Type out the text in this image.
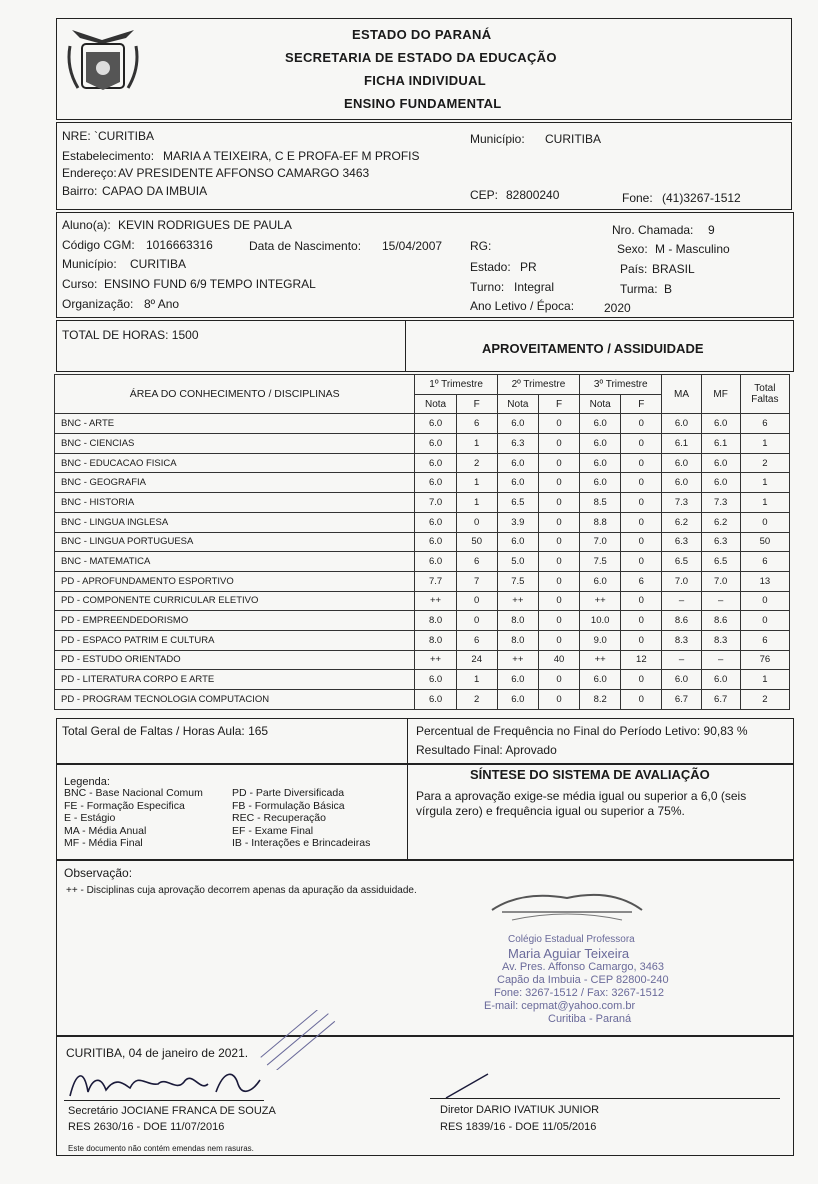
ESTADO DO PARANÁ
SECRETARIA DE ESTADO DA EDUCAÇÃO
FICHA INDIVIDUAL
ENSINO FUNDAMENTAL
NRE: `CURITIBA	Município: CURITIBA
Estabelecimento: MARIA A TEIXEIRA, C E PROFA-EF M PROFIS
Endereço: AV PRESIDENTE AFFONSO CAMARGO 3463
Bairro: CAPAO DA IMBUIA	CEP: 82800240	Fone: (41)3267-1512
Aluno(a): KEVIN RODRIGUES DE PAULA	Nro. Chamada: 9
Código CGM: 1016663316	Data de Nascimento: 15/04/2007 RG:	Sexo: M - Masculino
Município: CURITIBA	Estado: PR	País: BRASIL
Curso: ENSINO FUND 6/9 TEMPO INTEGRAL	Turno: Integral	Turma: B
Organização: 8º Ano	Ano Letivo / Época: 2020
TOTAL DE HORAS: 1500
APROVEITAMENTO / ASSIDUIDADE
ÁREA DO CONHECIMENTO / DISCIPLINAS	1º Trimestre		2º Trimestre		3º Trimestre		MA	MF	Total Faltas
	Nota	F	Nota	F	Nota	F			
BNC - ARTE	6.0	6	6.0	0	6.0	0	6.0	6.0	6
BNC - CIENCIAS	6.0	1	6.3	0	6.0	0	6.1	6.1	1
BNC - EDUCACAO FISICA	6.0	2	6.0	0	6.0	0	6.0	6.0	2
BNC - GEOGRAFIA	6.0	1	6.0	0	6.0	0	6.0	6.0	1
BNC - HISTORIA	7.0	1	6.5	0	8.5	0	7.3	7.3	1
BNC - LINGUA INGLESA	6.0	0	3.9	0	8.8	0	6.2	6.2	0
BNC - LINGUA PORTUGUESA	6.0	50	6.0	0	7.0	0	6.3	6.3	50
BNC - MATEMATICA	6.0	6	5.0	0	7.5	0	6.5	6.5	6
PD - APROFUNDAMENTO ESPORTIVO	7.7	7	7.5	0	6.0	6	7.0	7.0	13
PD - COMPONENTE CURRICULAR ELETIVO	++	0	++	0	++	0	–	–	0
PD - EMPREENDEDORISMO	8.0	0	8.0	0	10.0	0	8.6	8.6	0
PD - ESPACO PATRIM E CULTURA	8.0	6	8.0	0	9.0	0	8.3	8.3	6
PD - ESTUDO ORIENTADO	++	24	++	40	++	12	–	–	76
PD - LITERATURA CORPO E ARTE	6.0	1	6.0	0	6.0	0	6.0	6.0	1
PD - PROGRAM TECNOLOGIA COMPUTACION	6.0	2	6.0	0	8.2	0	6.7	6.7	2
Total Geral de Faltas / Horas Aula: 165	Percentual de Frequência no Final do Período Letivo: 90,83 %
Resultado Final: Aprovado
Legenda:
BNC - Base Nacional Comum
FE - Formação Especifica
E - Estágio
MA - Média Anual
MF - Média Final
PD - Parte Diversificada
FB - Formulação Básica
REC - Recuperação
EF - Exame Final
IB - Interações e Brincadeiras
SÍNTESE DO SISTEMA DE AVALIAÇÃO
Para a aprovação exige-se média igual ou superior a 6,0 (seis
vírgula zero) e frequência igual ou superior a 75%.
Observação:
++ - Disciplinas cuja aprovação decorrem apenas da apuração da assiduidade.
Colégio Estadual Professora
Maria Aguiar Teixeira
Av. Pres. Affonso Camargo, 3463
Capão da Imbuia - CEP 82800-240
Fone: 3267-1512 / Fax: 3267-1512
E-mail: cepmat@yahoo.com.br
Curitiba - Paraná
CURITIBA, 04 de janeiro de 2021.
Secretário JOCIANE FRANCA DE SOUZA
RES 2630/16 - DOE 11/07/2016
Diretor DARIO IVATIUK JUNIOR
RES 1839/16 - DOE 11/05/2016
Este documento não contém emendas nem rasuras.
